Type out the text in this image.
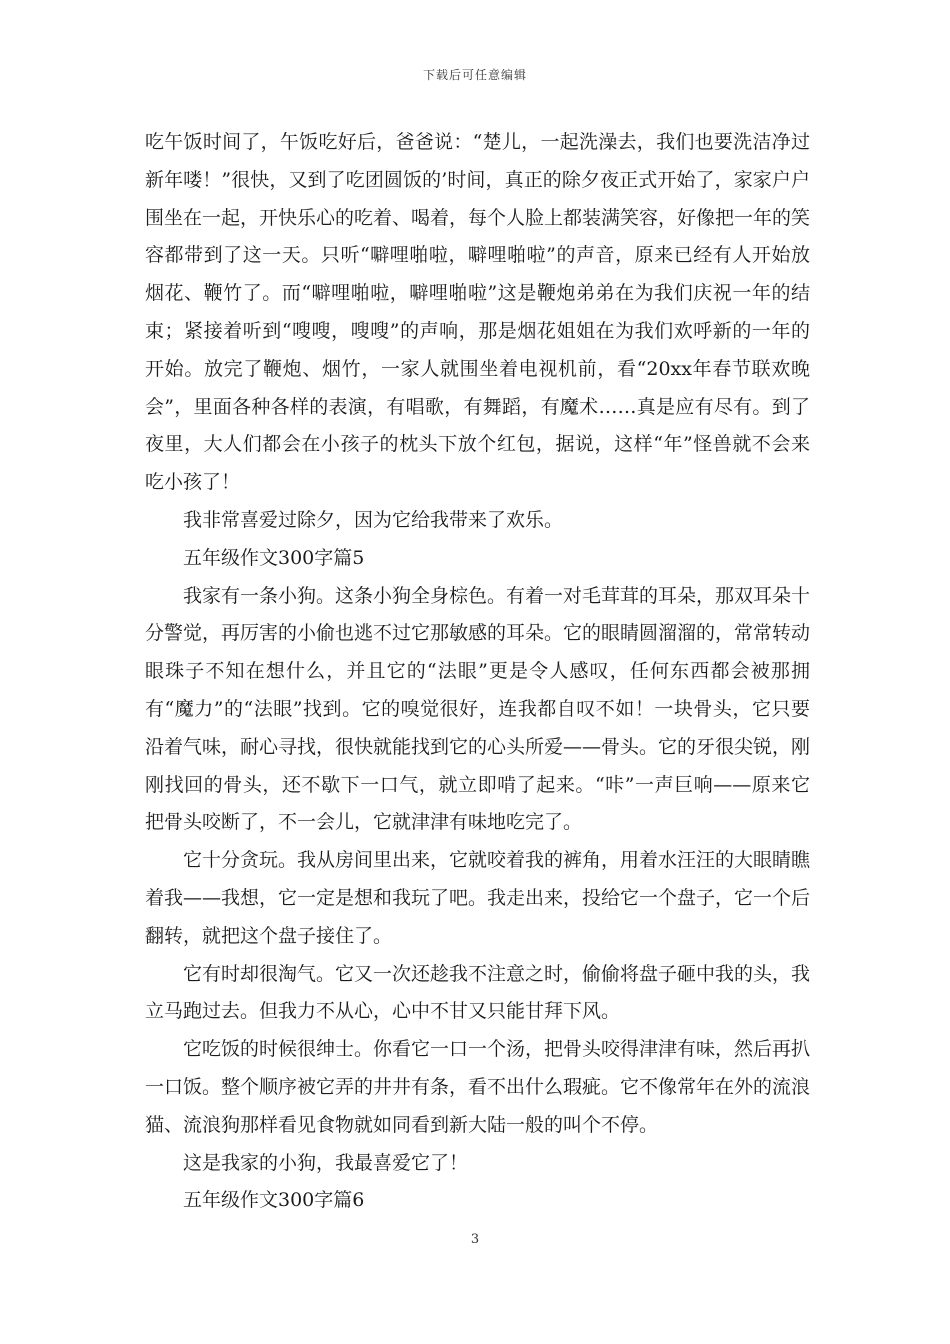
下载后可任意编辑

吃午饭时间了，午饭吃好后，爸爸说：“楚儿，一起洗澡去，我们也要洗洁净过新年喽！”很快，又到了吃团圆饭的’时间，真正的除夕夜正式开始了，家家户户围坐在一起，开快乐心的吃着、喝着，每个人脸上都装满笑容，好像把一年的笑容都带到了这一天。只听“噼哩啪啦，噼哩啪啦”的声音，原来已经有人开始放烟花、鞭竹了。而“噼哩啪啦，噼哩啪啦”这是鞭炮弟弟在为我们庆祝一年的结束；紧接着听到“嗖嗖，嗖嗖”的声响，那是烟花姐姐在为我们欢呼新的一年的开始。放完了鞭炮、烟竹，一家人就围坐着电视机前，看“20xx年春节联欢晚会”，里面各种各样的表演，有唱歌，有舞蹈，有魔术……真是应有尽有。到了夜里，大人们都会在小孩子的枕头下放个红包，据说，这样“年”怪兽就不会来吃小孩了！

我非常喜爱过除夕，因为它给我带来了欢乐。

五年级作文300字篇5

我家有一条小狗。这条小狗全身棕色。有着一对毛茸茸的耳朵，那双耳朵十分警觉，再厉害的小偷也逃不过它那敏感的耳朵。它的眼睛圆溜溜的，常常转动眼珠子不知在想什么，并且它的“法眼”更是令人感叹，任何东西都会被那拥有“魔力”的“法眼”找到。它的嗅觉很好，连我都自叹不如！一块骨头，它只要沿着气味，耐心寻找，很快就能找到它的心头所爱——骨头。它的牙很尖锐，刚刚找回的骨头，还不歇下一口气，就立即啃了起来。“咔”一声巨响——原来它把骨头咬断了，不一会儿，它就津津有味地吃完了。

它十分贪玩。我从房间里出来，它就咬着我的裤角，用着水汪汪的大眼睛瞧着我——我想，它一定是想和我玩了吧。我走出来，投给它一个盘子，它一个后翻转，就把这个盘子接住了。

它有时却很淘气。它又一次还趁我不注意之时，偷偷将盘子砸中我的头，我立马跑过去。但我力不从心，心中不甘又只能甘拜下风。

它吃饭的时候很绅士。你看它一口一个汤，把骨头咬得津津有味，然后再扒一口饭。整个顺序被它弄的井井有条，看不出什么瑕疵。它不像常年在外的流浪猫、流浪狗那样看见食物就如同看到新大陆一般的叫个不停。

这是我家的小狗，我最喜爱它了！

五年级作文300字篇6

3
